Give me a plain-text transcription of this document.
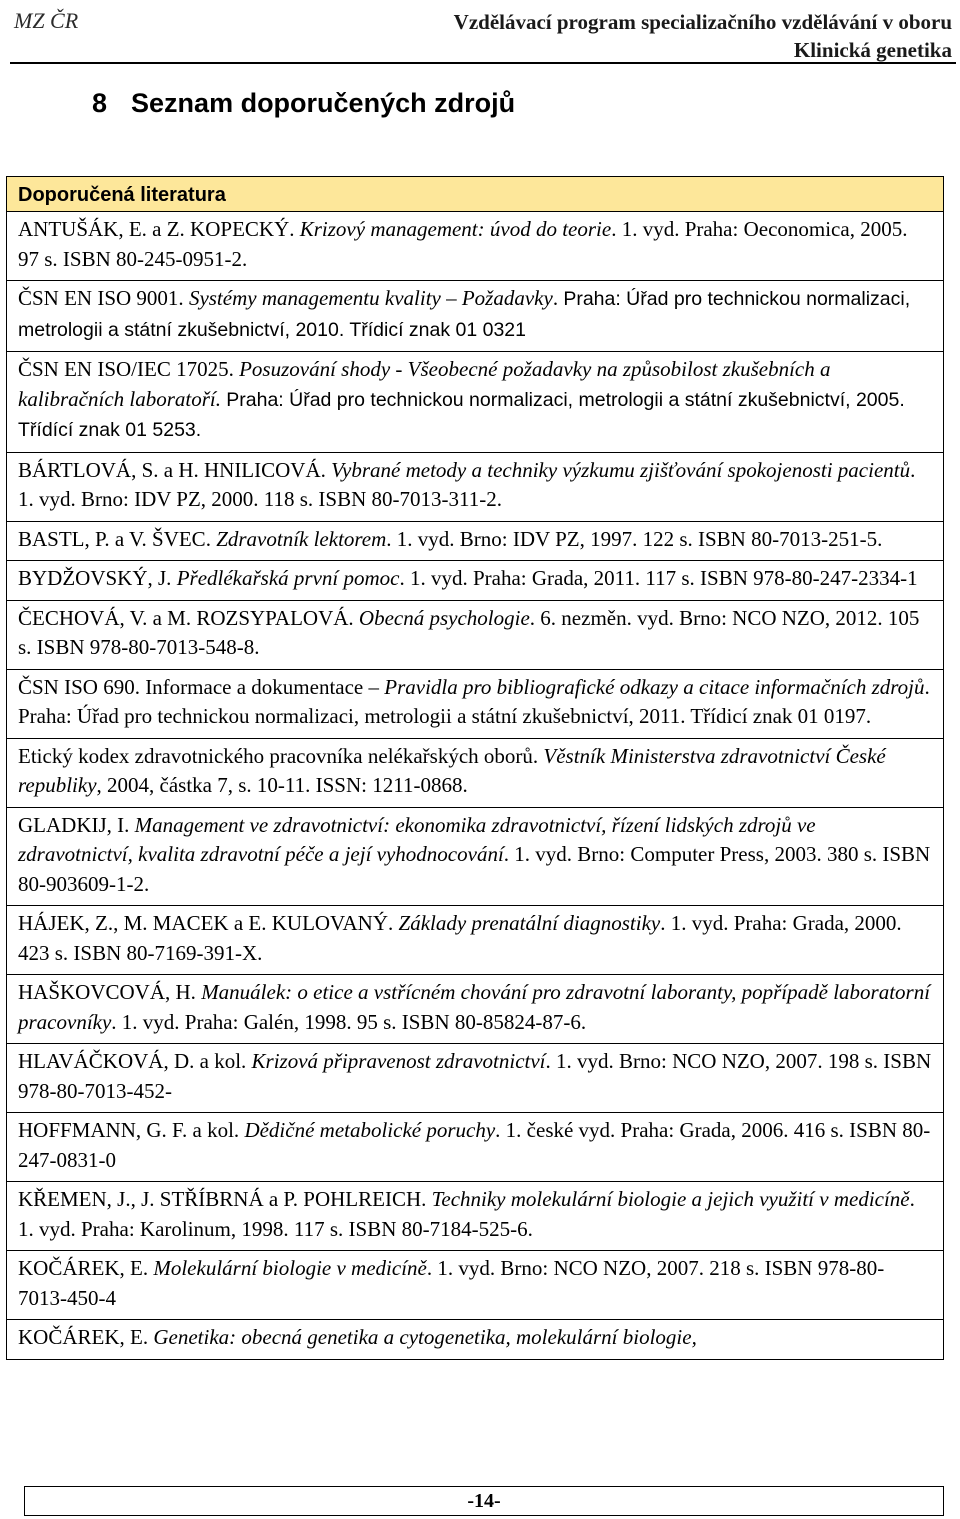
MZ ČR	Vzdělávací program specializačního vzdělávání v oboru
Klinická genetika
8 Seznam doporučených zdrojů
Doporučená literatura
ANTUŠÁK, E. a Z. KOPECKÝ. Krizový management: úvod do teorie. 1. vyd. Praha: Oeconomica, 2005. 97 s. ISBN 80-245-0951-2.
ČSN EN ISO 9001. Systémy managementu kvality – Požadavky. Praha: Úřad pro technickou normalizaci, metrologii a státní zkušebnictví, 2010. Třídicí znak 01 0321
ČSN EN ISO/IEC 17025. Posuzování shody - Všeobecné požadavky na způsobilost zkušebních a kalibračních laboratoří. Praha: Úřad pro technickou normalizaci, metrologii a státní zkušebnictví, 2005. Třídící znak 01 5253.
BÁRTLOVÁ, S. a H. HNILICOVÁ. Vybrané metody a techniky výzkumu zjišťování spokojenosti pacientů. 1. vyd. Brno: IDV PZ, 2000. 118 s. ISBN 80-7013-311-2.
BASTL, P. a V. ŠVEC. Zdravotník lektorem. 1. vyd. Brno: IDV PZ, 1997. 122 s. ISBN 80-7013-251-5.
BYDŽOVSKÝ, J. Předlékařská první pomoc. 1. vyd. Praha: Grada, 2011. 117 s. ISBN 978-80-247-2334-1
ČECHOVÁ, V. a M. ROZSYPALOVÁ. Obecná psychologie. 6. nezměn. vyd. Brno: NCO NZO, 2012. 105 s. ISBN 978-80-7013-548-8.
ČSN ISO 690. Informace a dokumentace – Pravidla pro bibliografické odkazy a citace informačních zdrojů. Praha: Úřad pro technickou normalizaci, metrologii a státní zkušebnictví, 2011. Třídicí znak 01 0197.
Etický kodex zdravotnického pracovníka nelékařských oborů. Věstník Ministerstva zdravotnictví České republiky, 2004, částka 7, s. 10-11. ISSN: 1211-0868.
GLADKIJ, I. Management ve zdravotnictví: ekonomika zdravotnictví, řízení lidských zdrojů ve zdravotnictví, kvalita zdravotní péče a její vyhodnocování. 1. vyd. Brno: Computer Press, 2003. 380 s. ISBN 80-903609-1-2.
HÁJEK, Z., M. MACEK a E. KULOVANÝ. Základy prenatální diagnostiky. 1. vyd. Praha: Grada, 2000. 423 s. ISBN 80-7169-391-X.
HAŠKOVCOVÁ, H. Manuálek: o etice a vstřícném chování pro zdravotní laboranty, popřípadě laboratorní pracovníky. 1. vyd. Praha: Galén, 1998. 95 s. ISBN 80-85824-87-6.
HLAVÁČKOVÁ, D. a kol. Krizová připravenost zdravotnictví. 1. vyd. Brno: NCO NZO, 2007. 198 s. ISBN 978-80-7013-452-
HOFFMANN, G. F. a kol. Dědičné metabolické poruchy. 1. české vyd. Praha: Grada, 2006. 416 s. ISBN 80-247-0831-0
KŘEMEN, J., J. STŘÍBRNÁ a P. POHLREICH. Techniky molekulární biologie a jejich využití v medicíně. 1. vyd. Praha: Karolinum, 1998. 117 s. ISBN 80-7184-525-6.
KOČÁREK, E. Molekulární biologie v medicíně. 1. vyd. Brno: NCO NZO, 2007. 218 s. ISBN 978-80-7013-450-4
KOČÁREK, E. Genetika: obecná genetika a cytogenetika, molekulární biologie,
-14-
